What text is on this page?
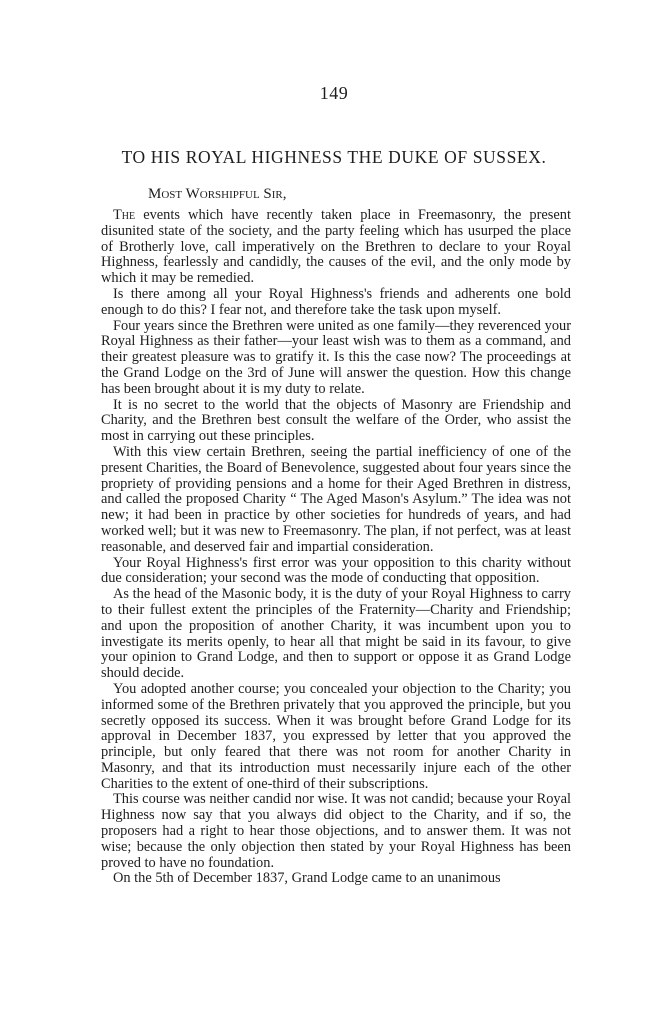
149
TO HIS ROYAL HIGHNESS THE DUKE OF SUSSEX.
Most Worshipful Sir,

The events which have recently taken place in Freemasonry, the present disunited state of the society, and the party feeling which has usurped the place of Brotherly love, call imperatively on the Brethren to declare to your Royal Highness, fearlessly and candidly, the causes of the evil, and the only mode by which it may be remedied.

Is there among all your Royal Highness's friends and adherents one bold enough to do this? I fear not, and therefore take the task upon myself.

Four years since the Brethren were united as one family—they reverenced your Royal Highness as their father—your least wish was to them as a command, and their greatest pleasure was to gratify it. Is this the case now? The proceedings at the Grand Lodge on the 3rd of June will answer the question. How this change has been brought about it is my duty to relate.

It is no secret to the world that the objects of Masonry are Friendship and Charity, and the Brethren best consult the welfare of the Order, who assist the most in carrying out these principles.

With this view certain Brethren, seeing the partial inefficiency of one of the present Charities, the Board of Benevolence, suggested about four years since the propriety of providing pensions and a home for their Aged Brethren in distress, and called the proposed Charity “ The Aged Mason's Asylum.” The idea was not new; it had been in practice by other societies for hundreds of years, and had worked well; but it was new to Freemasonry. The plan, if not perfect, was at least reasonable, and deserved fair and impartial consideration.

Your Royal Highness's first error was your opposition to this charity without due consideration; your second was the mode of conducting that opposition.

As the head of the Masonic body, it is the duty of your Royal Highness to carry to their fullest extent the principles of the Fraternity—Charity and Friendship; and upon the proposition of another Charity, it was incumbent upon you to investigate its merits openly, to hear all that might be said in its favour, to give your opinion to Grand Lodge, and then to support or oppose it as Grand Lodge should decide.

You adopted another course; you concealed your objection to the Charity; you informed some of the Brethren privately that you approved the principle, but you secretly opposed its success. When it was brought before Grand Lodge for its approval in December 1837, you expressed by letter that you approved the principle, but only feared that there was not room for another Charity in Masonry, and that its introduction must necessarily injure each of the other Charities to the extent of one-third of their subscriptions.

This course was neither candid nor wise. It was not candid; because your Royal Highness now say that you always did object to the Charity, and if so, the proposers had a right to hear those objections, and to answer them. It was not wise; because the only objection then stated by your Royal Highness has been proved to have no foundation.

On the 5th of December 1837, Grand Lodge came to an unanimous
